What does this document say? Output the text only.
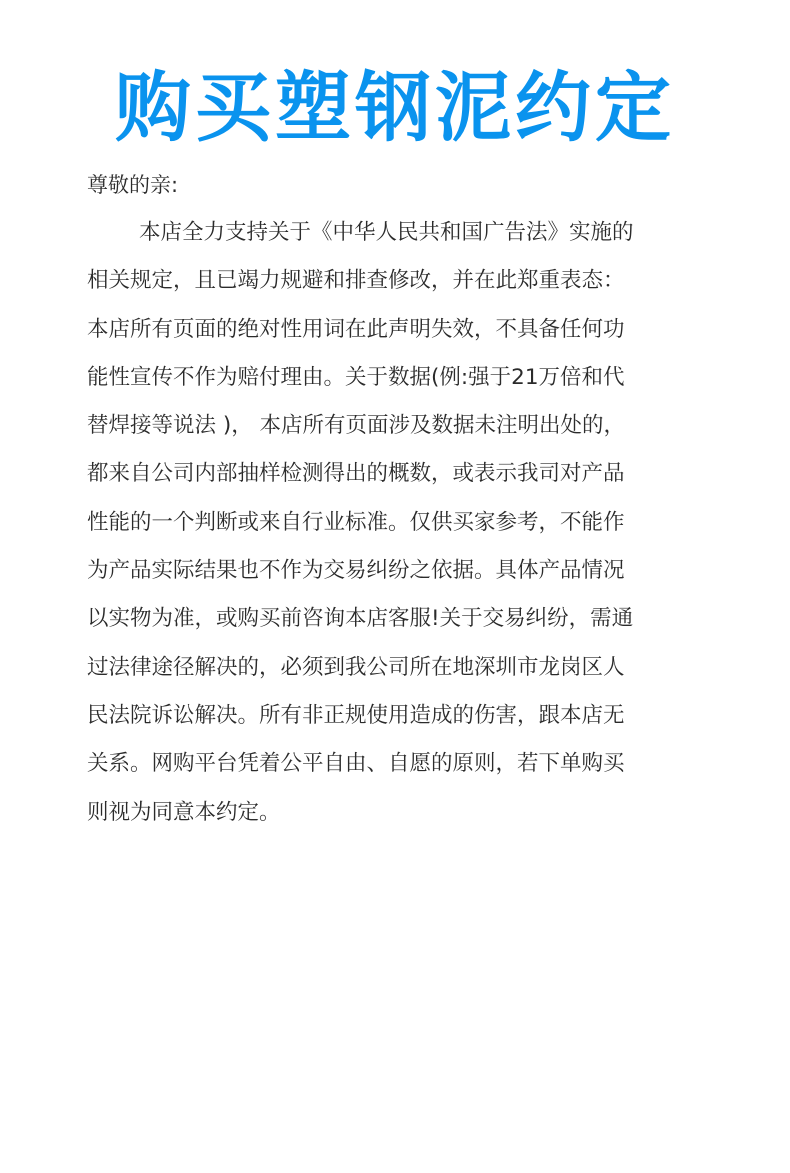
购买塑钢泥约定
尊敬的亲:
本店全力支持关于《中华人民共和国广告法》实施的
相关规定，且已竭力规避和排查修改，并在此郑重表态：
本店所有页面的绝对性用词在此声明失效，不具备任何功
能性宣传不作为赔付理由。关于数据(例:强于21万倍和代
替焊接等说法 )， 本店所有页面涉及数据未注明出处的，
都来自公司内部抽样检测得出的概数，或表示我司对产品
性能的一个判断或来自行业标准。仅供买家参考，不能作
为产品实际结果也不作为交易纠纷之依据。具体产品情况
以实物为准，或购买前咨询本店客服!关于交易纠纷，需通
过法律途径解决的，必须到我公司所在地深圳市龙岗区人
民法院诉讼解决。所有非正规使用造成的伤害，跟本店无
关系。网购平台凭着公平自由、自愿的原则，若下单购买
则视为同意本约定。
